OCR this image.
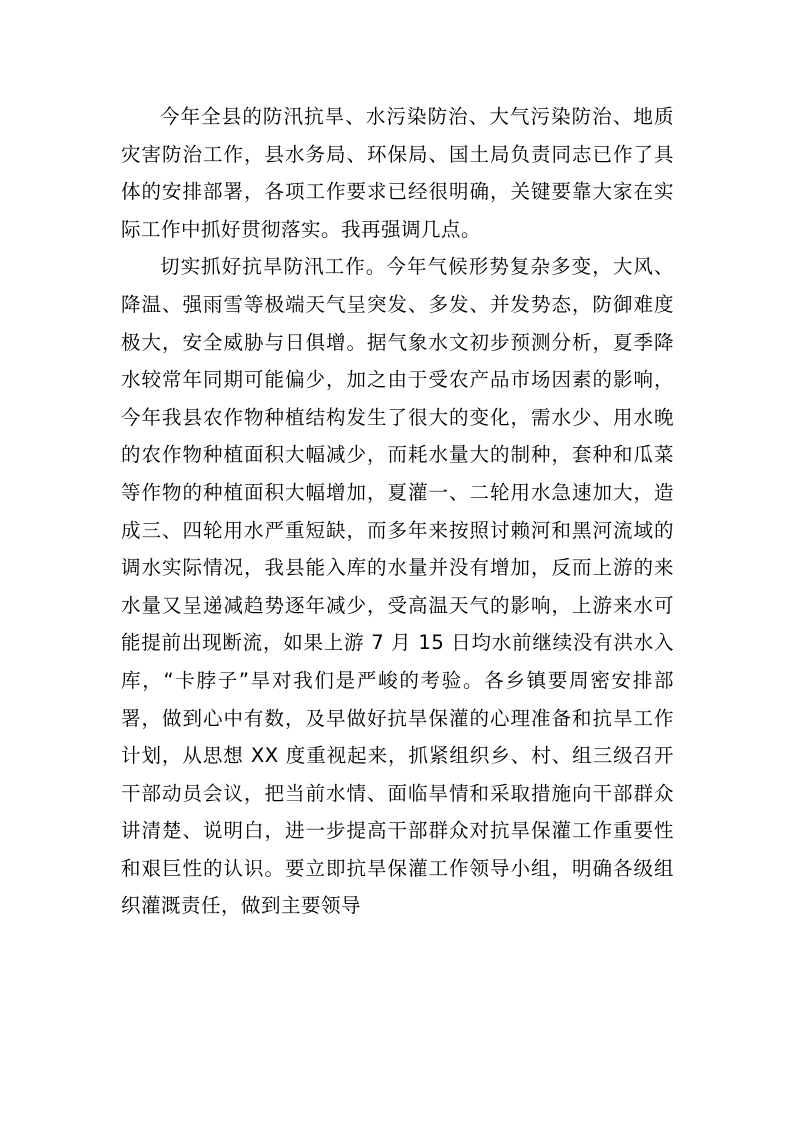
今年全县的防汛抗旱、水污染防治、大气污染防治、地质灾害防治工作，县水务局、环保局、国土局负责同志已作了具体的安排部署，各项工作要求已经很明确，关键要靠大家在实际工作中抓好贯彻落实。我再强调几点。

切实抓好抗旱防汛工作。今年气候形势复杂多变，大风、降温、强雨雪等极端天气呈突发、多发、并发势态，防御难度极大，安全威胁与日俱增。据气象水文初步预测分析，夏季降水较常年同期可能偏少，加之由于受农产品市场因素的影响，今年我县农作物种植结构发生了很大的变化，需水少、用水晚的农作物种植面积大幅减少，而耗水量大的制种，套种和瓜菜等作物的种植面积大幅增加，夏灌一、二轮用水急速加大，造成三、四轮用水严重短缺，而多年来按照讨赖河和黑河流域的调水实际情况，我县能入库的水量并没有增加，反而上游的来水量又呈递减趋势逐年减少，受高温天气的影响，上游来水可能提前出现断流，如果上游 7 月 15 日均水前继续没有洪水入库，“卡脖子”旱对我们是严峻的考验。各乡镇要周密安排部署，做到心中有数，及早做好抗旱保灌的心理准备和抗旱工作计划，从思想 XX 度重视起来，抓紧组织乡、村、组三级召开干部动员会议，把当前水情、面临旱情和采取措施向干部群众讲清楚、说明白，进一步提高干部群众对抗旱保灌工作重要性和艰巨性的认识。要立即抗旱保灌工作领导小组，明确各级组织灌溉责任，做到主要领导
